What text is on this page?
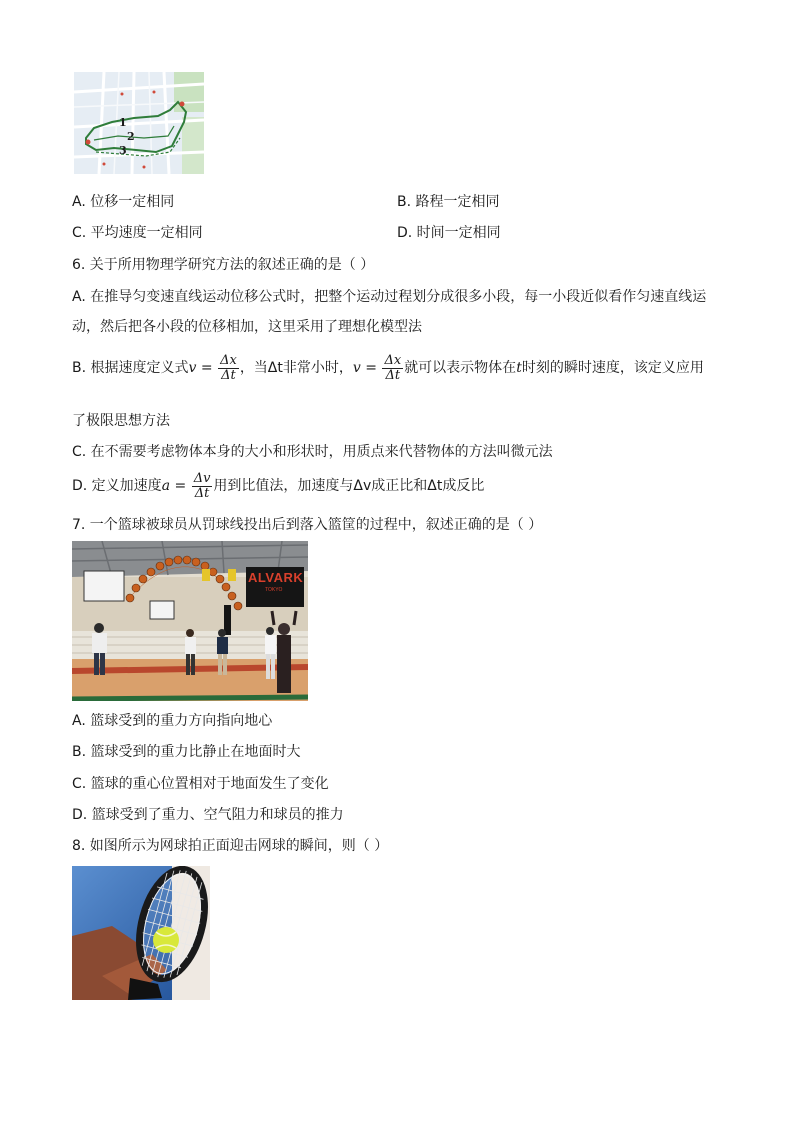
1
2
3
A. 位移一定相同	B. 路程一定相同
C. 平均速度一定相同	D. 时间一定相同
6. 关于所用物理学研究方法的叙述正确的是（ ）
A. 在推导匀变速直线运动位移公式时，把整个运动过程划分成很多小段，每一小段近似看作匀速直线运
动，然后把各小段的位移相加，这里采用了理想化模型法
B. 根据速度定义式$v = \frac{\Delta x}{\Delta t}$ ，当Δt非常小时，$v = \frac{\Delta x}{\Delta t}$ 就可以表示物体在t时刻的瞬时速度，该定义应用
了极限思想方法
C. 在不需要考虑物体本身的大小和形状时，用质点来代替物体的方法叫微元法
D. 定义加速度$a = \frac{\Delta v}{\Delta t}$ 用到比值法，加速度与Δv成正比和Δt成反比
7. 一个篮球被球员从罚球线投出后到落入篮筐的过程中，叙述正确的是（ ）
ALVARK
TOKYO
A. 篮球受到的重力方向指向地心
B. 篮球受到的重力比静止在地面时大
C. 篮球的重心位置相对于地面发生了变化
D. 篮球受到了重力、空气阻力和球员的推力
8. 如图所示为网球拍正面迎击网球的瞬间，则（ ）
